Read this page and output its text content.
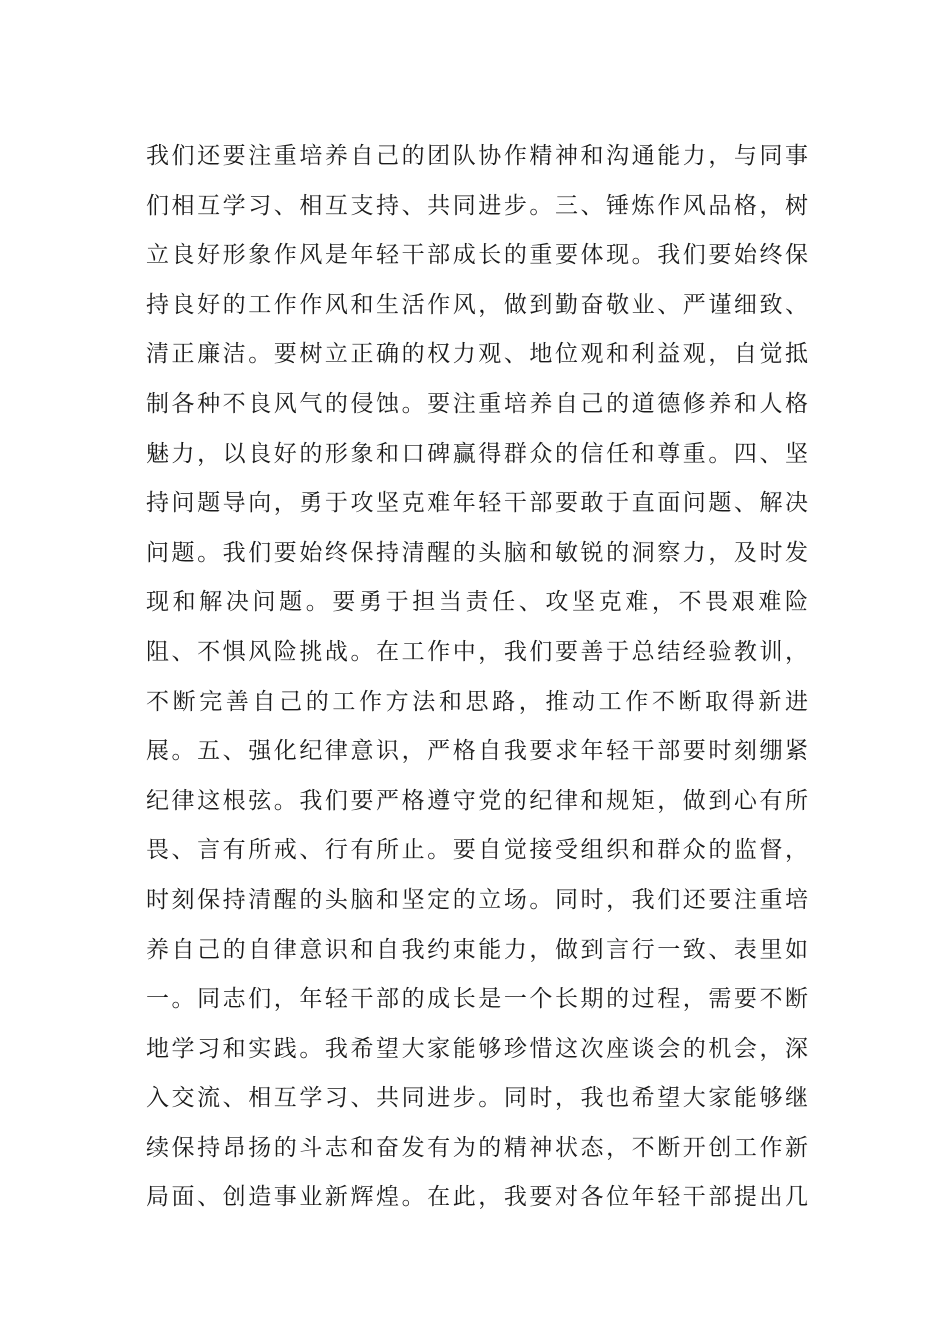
我们还要注重培养自己的团队协作精神和沟通能力，与同事
们相互学习、相互支持、共同进步。三、锤炼作风品格，树
立良好形象作风是年轻干部成长的重要体现。我们要始终保
持良好的工作作风和生活作风，做到勤奋敬业、严谨细致、
清正廉洁。要树立正确的权力观、地位观和利益观，自觉抵
制各种不良风气的侵蚀。要注重培养自己的道德修养和人格
魅力，以良好的形象和口碑赢得群众的信任和尊重。四、坚
持问题导向，勇于攻坚克难年轻干部要敢于直面问题、解决
问题。我们要始终保持清醒的头脑和敏锐的洞察力，及时发
现和解决问题。要勇于担当责任、攻坚克难，不畏艰难险
阻、不惧风险挑战。在工作中，我们要善于总结经验教训，
不断完善自己的工作方法和思路，推动工作不断取得新进
展。五、强化纪律意识，严格自我要求年轻干部要时刻绷紧
纪律这根弦。我们要严格遵守党的纪律和规矩，做到心有所
畏、言有所戒、行有所止。要自觉接受组织和群众的监督，
时刻保持清醒的头脑和坚定的立场。同时，我们还要注重培
养自己的自律意识和自我约束能力，做到言行一致、表里如
一。同志们，年轻干部的成长是一个长期的过程，需要不断
地学习和实践。我希望大家能够珍惜这次座谈会的机会，深
入交流、相互学习、共同进步。同时，我也希望大家能够继
续保持昂扬的斗志和奋发有为的精神状态，不断开创工作新
局面、创造事业新辉煌。在此，我要对各位年轻干部提出几
